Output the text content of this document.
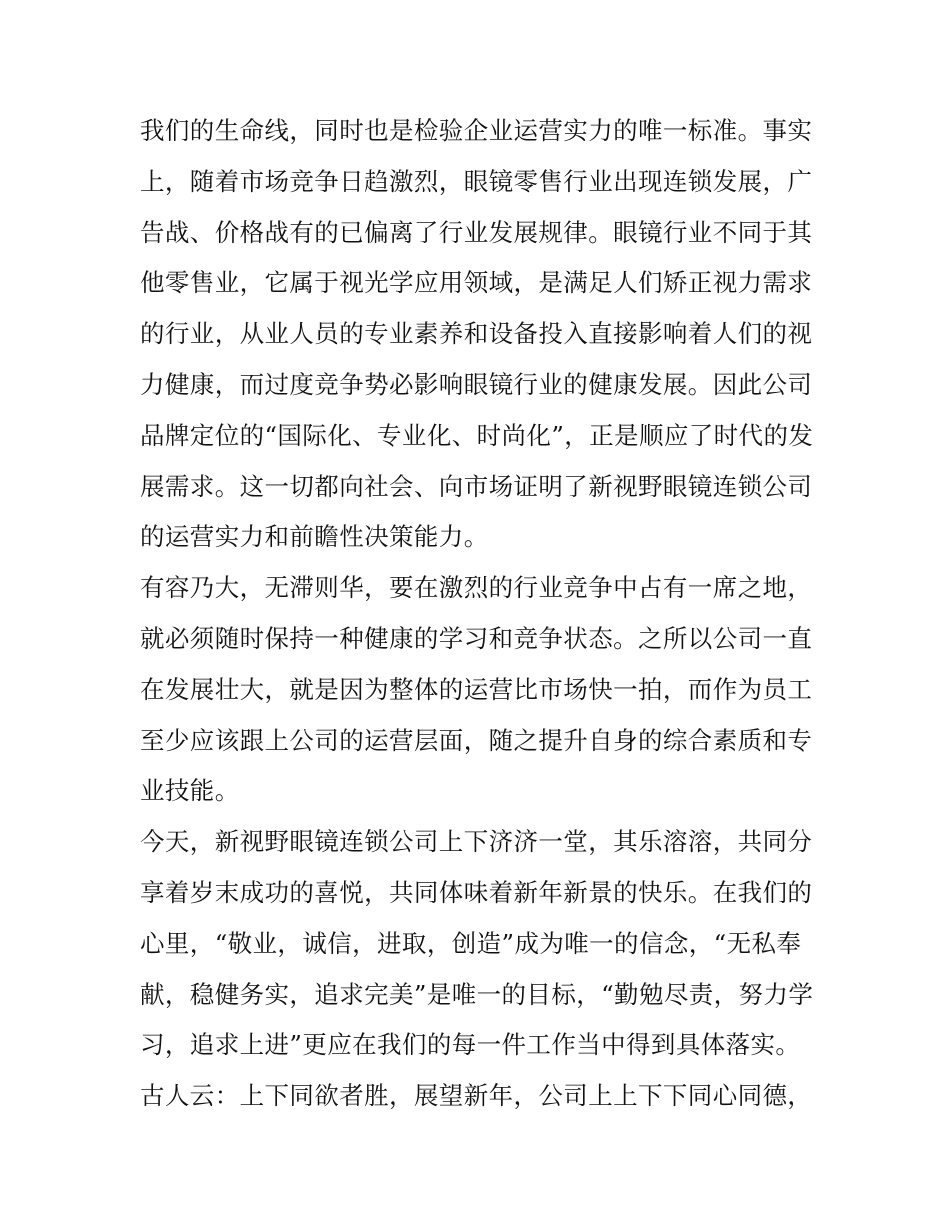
我们的生命线，同时也是检验企业运营实力的唯一标准。事实
上，随着市场竞争日趋激烈，眼镜零售行业出现连锁发展，广
告战、价格战有的已偏离了行业发展规律。眼镜行业不同于其
他零售业，它属于视光学应用领域，是满足人们矫正视力需求
的行业，从业人员的专业素养和设备投入直接影响着人们的视
力健康，而过度竞争势必影响眼镜行业的健康发展。因此公司
品牌定位的“国际化、专业化、时尚化”，正是顺应了时代的发
展需求。这一切都向社会、向市场证明了新视野眼镜连锁公司
的运营实力和前瞻性决策能力。
有容乃大，无滞则华，要在激烈的行业竞争中占有一席之地，
就必须随时保持一种健康的学习和竞争状态。之所以公司一直
在发展壮大，就是因为整体的运营比市场快一拍，而作为员工
至少应该跟上公司的运营层面，随之提升自身的综合素质和专
业技能。
今天，新视野眼镜连锁公司上下济济一堂，其乐溶溶，共同分
享着岁末成功的喜悦，共同体味着新年新景的快乐。在我们的
心里，“敬业，诚信，进取，创造”成为唯一的信念，“无私奉
献，稳健务实，追求完美”是唯一的目标，“勤勉尽责，努力学
习，追求上进”更应在我们的每一件工作当中得到具体落实。
古人云：上下同欲者胜，展望新年，公司上上下下同心同德，
